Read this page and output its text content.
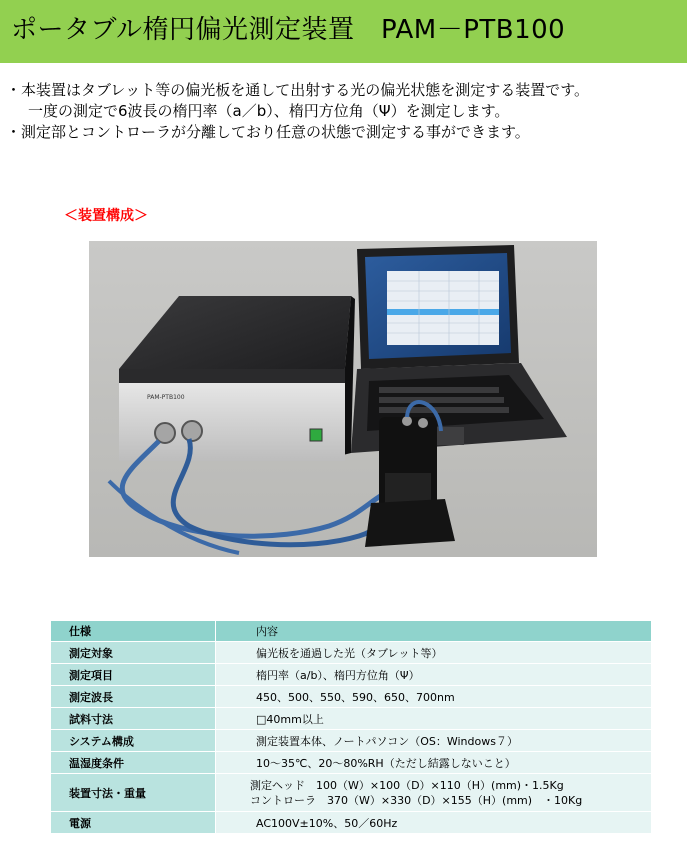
ポータブル楕円偏光測定装置　PAM－PTB100
・本装置はタブレット等の偏光板を通して出射する光の偏光状態を測定する装置です。
一度の測定で6波長の楕円率（a／b）、楕円方位角（Ψ）を測定します。
・測定部とコントローラが分離しており任意の状態で測定する事ができます。
＜装置構成＞
PAM-PTB100
仕様	内容
測定対象	偏光板を通過した光（タブレット等）
測定項目	楕円率（a/b）、楕円方位角（Ψ）
測定波長	450、500、550、590、650、700nm
試料寸法	□40mm以上
システム構成	測定装置本体、ノートパソコン（OS：Windows７）
温湿度条件	10～35℃、20～80%RH（ただし結露しないこと）
装置寸法・重量	測定ヘッド　100（W）×100（D）×110（H）(mm)・1.5Kg
コントローラ　370（W）×330（D）×155（H）(mm)　・10Kg

電源	AC100V±10%、50／60Hz
